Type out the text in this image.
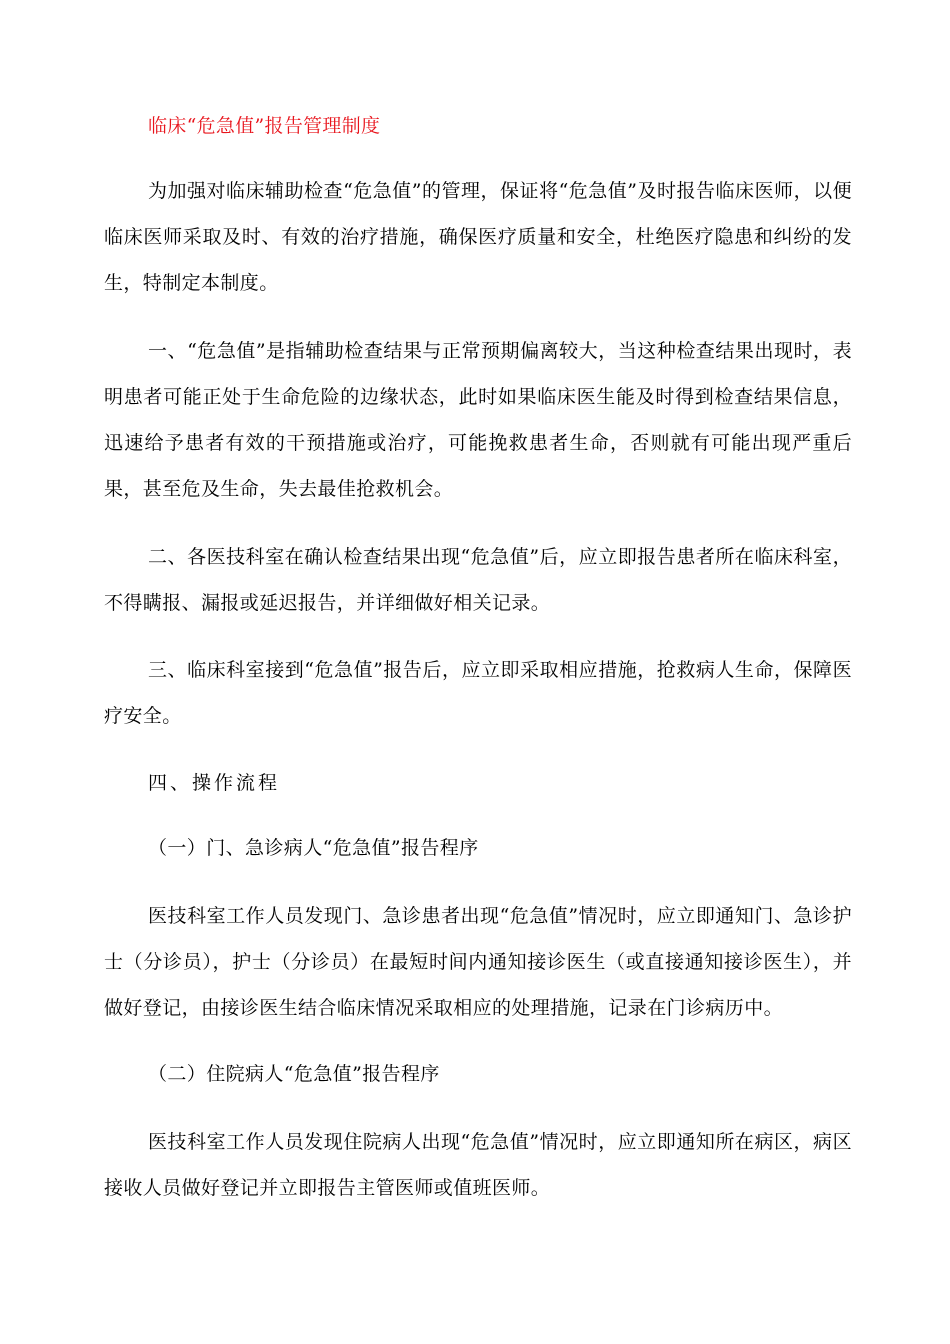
临床“危急值”报告管理制度

为加强对临床辅助检查“危急值”的管理，保证将“危急值”及时报告临床医师，以便临床医师采取及时、有效的治疗措施，确保医疗质量和安全，杜绝医疗隐患和纠纷的发生，特制定本制度。

一、“危急值”是指辅助检查结果与正常预期偏离较大，当这种检查结果出现时，表明患者可能正处于生命危险的边缘状态，此时如果临床医生能及时得到检查结果信息，迅速给予患者有效的干预措施或治疗，可能挽救患者生命，否则就有可能出现严重后果，甚至危及生命，失去最佳抢救机会。

二、各医技科室在确认检查结果出现“危急值”后，应立即报告患者所在临床科室，不得瞒报、漏报或延迟报告，并详细做好相关记录。

三、临床科室接到“危急值”报告后，应立即采取相应措施，抢救病人生命，保障医疗安全。

四、操作流程

（一）门、急诊病人“危急值”报告程序

医技科室工作人员发现门、急诊患者出现“危急值”情况时，应立即通知门、急诊护士（分诊员），护士（分诊员）在最短时间内通知接诊医生（或直接通知接诊医生），并做好登记，由接诊医生结合临床情况采取相应的处理措施，记录在门诊病历中。

（二）住院病人“危急值”报告程序

医技科室工作人员发现住院病人出现“危急值”情况时，应立即通知所在病区，病区接收人员做好登记并立即报告主管医师或值班医师。
